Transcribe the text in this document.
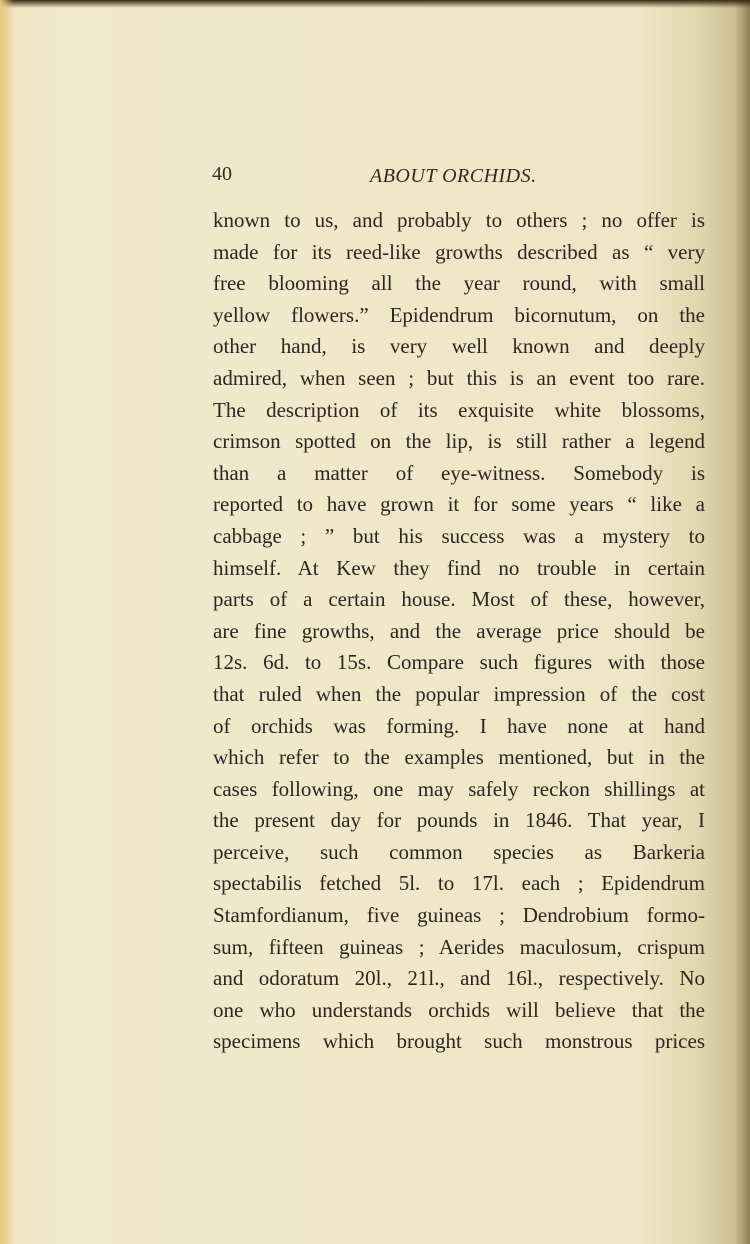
40	ABOUT ORCHIDS.
known to us, and probably to others ; no offer is
made for its reed-like growths described as “ very
free blooming all the year round, with small
yellow flowers.” Epidendrum bicornutum, on the
other hand, is very well known and deeply
admired, when seen ; but this is an event too rare.
The description of its exquisite white blossoms,
crimson spotted on the lip, is still rather a legend
than a matter of eye-witness. Somebody is
reported to have grown it for some years “ like a
cabbage ; ” but his success was a mystery to
himself. At Kew they find no trouble in certain
parts of a certain house. Most of these, however,
are fine growths, and the average price should be
12s. 6d. to 15s. Compare such figures with those
that ruled when the popular impression of the cost
of orchids was forming. I have none at hand
which refer to the examples mentioned, but in the
cases following, one may safely reckon shillings at
the present day for pounds in 1846. That year, I
perceive, such common species as Barkeria
spectabilis fetched 5l. to 17l. each ; Epidendrum
Stamfordianum, five guineas ; Dendrobium formo-
sum, fifteen guineas ; Aerides maculosum, crispum
and odoratum 20l., 21l., and 16l., respectively. No
one who understands orchids will believe that the
specimens which brought such monstrous prices
